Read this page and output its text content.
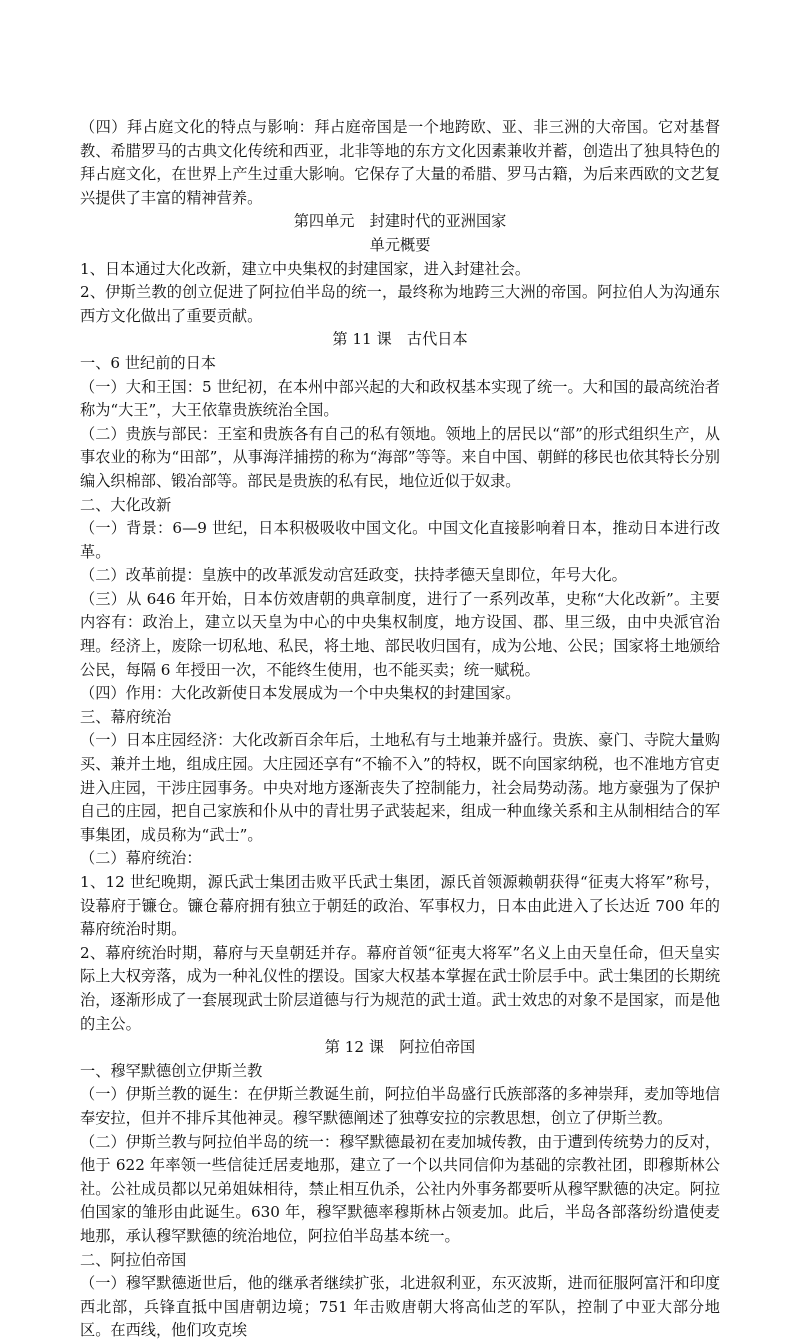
（四）拜占庭文化的特点与影响：拜占庭帝国是一个地跨欧、亚、非三洲的大帝国。它对基督教、希腊罗马的古典文化传统和西亚，北非等地的东方文化因素兼收并蓄，创造出了独具特色的拜占庭文化，在世界上产生过重大影响。它保存了大量的希腊、罗马古籍，为后来西欧的文艺复兴提供了丰富的精神营养。

第四单元　封建时代的亚洲国家

单元概要

1、日本通过大化改新，建立中央集权的封建国家，进入封建社会。

2、伊斯兰教的创立促进了阿拉伯半岛的统一，最终称为地跨三大洲的帝国。阿拉伯人为沟通东西方文化做出了重要贡献。

第 11 课　古代日本

一、6 世纪前的日本

（一）大和王国：5 世纪初，在本州中部兴起的大和政权基本实现了统一。大和国的最高统治者称为“大王”，大王依靠贵族统治全国。

（二）贵族与部民：王室和贵族各有自己的私有领地。领地上的居民以“部”的形式组织生产，从事农业的称为“田部”，从事海洋捕捞的称为“海部”等等。来自中国、朝鲜的移民也依其特长分别编入织棉部、锻冶部等。部民是贵族的私有民，地位近似于奴隶。

二、大化改新

（一）背景：6—9 世纪，日本积极吸收中国文化。中国文化直接影响着日本，推动日本进行改革。

（二）改革前提：皇族中的改革派发动宫廷政变，扶持孝德天皇即位，年号大化。

（三）从 646 年开始，日本仿效唐朝的典章制度，进行了一系列改革，史称“大化改新”。主要内容有：政治上，建立以天皇为中心的中央集权制度，地方设国、郡、里三级，由中央派官治理。经济上，废除一切私地、私民，将土地、部民收归国有，成为公地、公民；国家将土地颁给公民，每隔 6 年授田一次，不能终生使用，也不能买卖；统一赋税。

（四）作用：大化改新使日本发展成为一个中央集权的封建国家。

三、幕府统治

（一）日本庄园经济：大化改新百余年后，土地私有与土地兼并盛行。贵族、豪门、寺院大量购买、兼并土地，组成庄园。大庄园还享有“不输不入”的特权，既不向国家纳税，也不准地方官吏进入庄园，干涉庄园事务。中央对地方逐渐丧失了控制能力，社会局势动荡。地方豪强为了保护自己的庄园，把自己家族和仆从中的青壮男子武装起来，组成一种血缘关系和主从制相结合的军事集团，成员称为“武士”。

（二）幕府统治：

1、12 世纪晚期，源氏武士集团击败平氏武士集团，源氏首领源赖朝获得“征夷大将军”称号，设幕府于镰仓。镰仓幕府拥有独立于朝廷的政治、军事权力，日本由此进入了长达近 700 年的幕府统治时期。

2、幕府统治时期，幕府与天皇朝廷并存。幕府首领“征夷大将军”名义上由天皇任命，但天皇实际上大权旁落，成为一种礼仪性的摆设。国家大权基本掌握在武士阶层手中。武士集团的长期统治，逐渐形成了一套展现武士阶层道德与行为规范的武士道。武士效忠的对象不是国家，而是他的主公。

第 12 课　阿拉伯帝国

一、穆罕默德创立伊斯兰教

（一）伊斯兰教的诞生：在伊斯兰教诞生前，阿拉伯半岛盛行氏族部落的多神崇拜，麦加等地信奉安拉，但并不排斥其他神灵。穆罕默德阐述了独尊安拉的宗教思想，创立了伊斯兰教。

（二）伊斯兰教与阿拉伯半岛的统一：穆罕默德最初在麦加城传教，由于遭到传统势力的反对，他于 622 年率领一些信徒迁居麦地那，建立了一个以共同信仰为基础的宗教社团，即穆斯林公社。公社成员都以兄弟姐妹相待，禁止相互仇杀，公社内外事务都要听从穆罕默德的决定。阿拉伯国家的雏形由此诞生。630 年，穆罕默德率穆斯林占领麦加。此后，半岛各部落纷纷遣使麦地那，承认穆罕默德的统治地位，阿拉伯半岛基本统一。

二、阿拉伯帝国

（一）穆罕默德逝世后，他的继承者继续扩张，北进叙利亚，东灭波斯，进而征服阿富汗和印度西北部，兵锋直抵中国唐朝边境；751 年击败唐朝大将高仙芝的军队，控制了中亚大部分地区。在西线，他们攻克埃
